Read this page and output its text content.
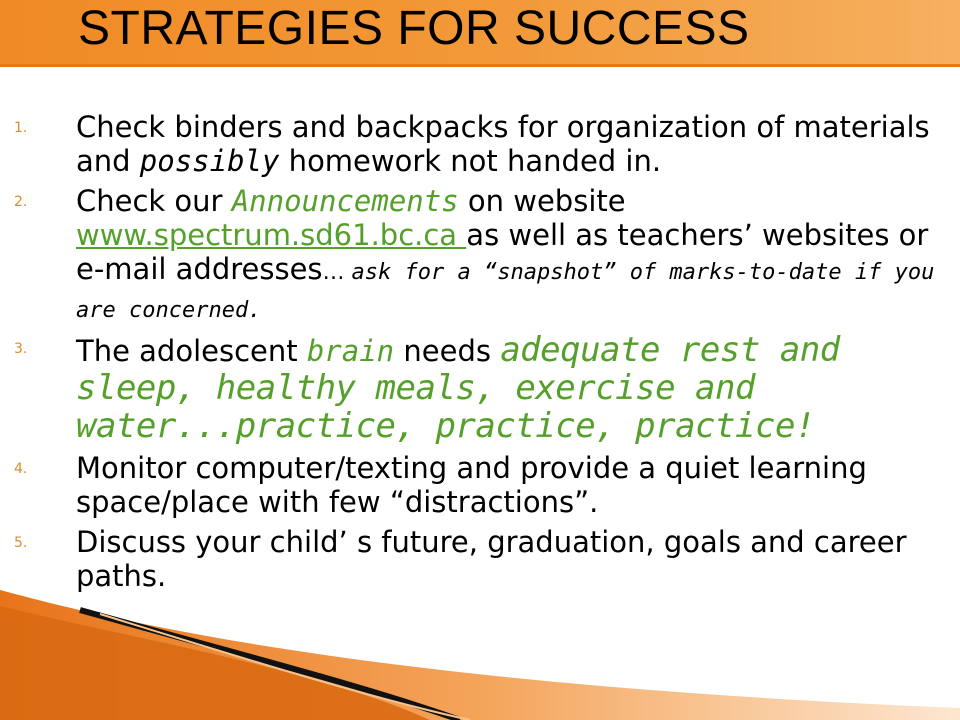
STRATEGIES FOR SUCCESS
1. Check binders and backpacks for organization of materials and possibly homework not handed in.
2. Check our Announcements on website www.spectrum.sd61.bc.ca as well as teachers’ websites or e-mail addresses… ask for a “snapshot” of marks-to-date if you are concerned.
3. The adolescent brain needs adequate rest and sleep, healthy meals, exercise and water...practice, practice, practice!
4. Monitor computer/texting and provide a quiet learning space/place with few “distractions”.
5. Discuss your child’ s future, graduation, goals and career paths.
